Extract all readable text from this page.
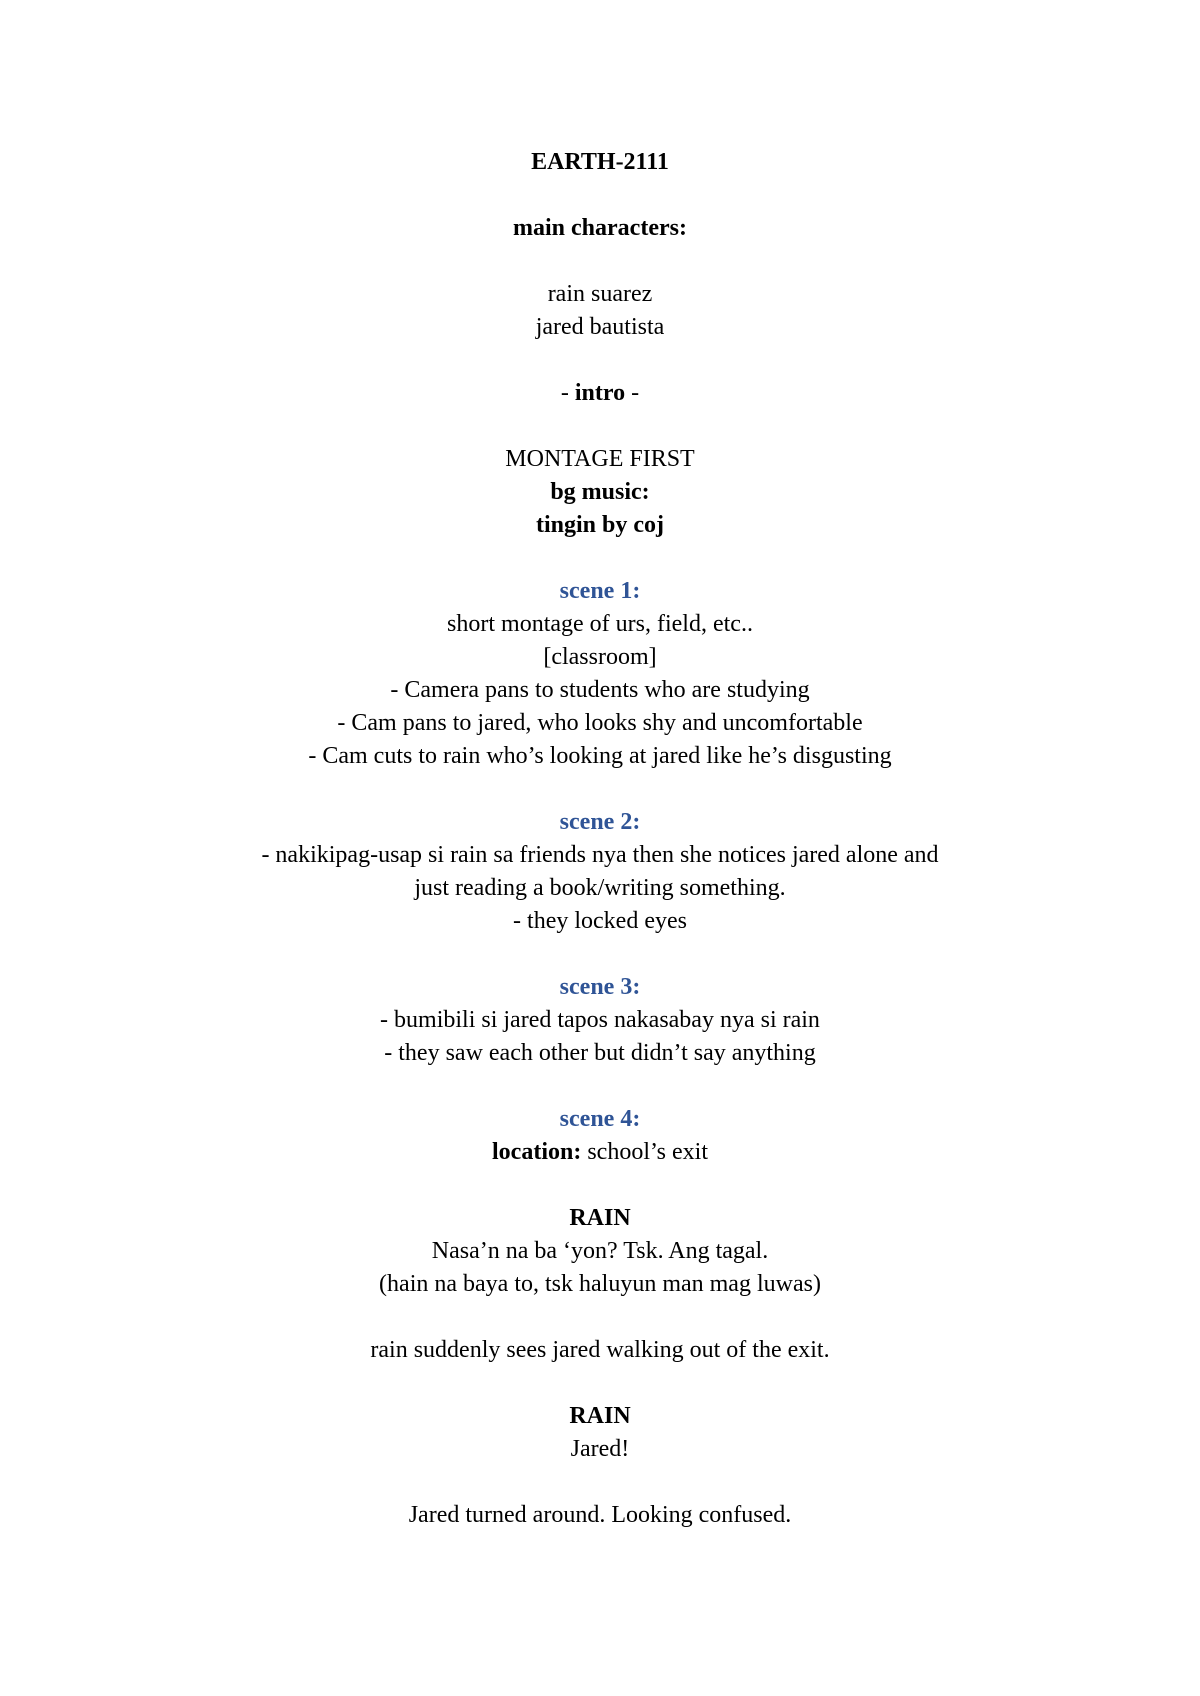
EARTH-2111
main characters:
rain suarez
jared bautista
- intro -
MONTAGE FIRST
bg music:
tingin by coj
scene 1:
short montage of urs, field, etc..
[classroom]
- Camera pans to students who are studying
- Cam pans to jared, who looks shy and uncomfortable
- Cam cuts to rain who’s looking at jared like he’s disgusting
scene 2:
- nakikipag-usap si rain sa friends nya then she notices jared alone and
just reading a book/writing something.
- they locked eyes
scene 3:
- bumibili si jared tapos nakasabay nya si rain
- they saw each other but didn’t say anything
scene 4:
location: school’s exit
RAIN
Nasa’n na ba ‘yon? Tsk. Ang tagal.
(hain na baya to, tsk haluyun man mag luwas)
rain suddenly sees jared walking out of the exit.
RAIN
Jared!
Jared turned around. Looking confused.
